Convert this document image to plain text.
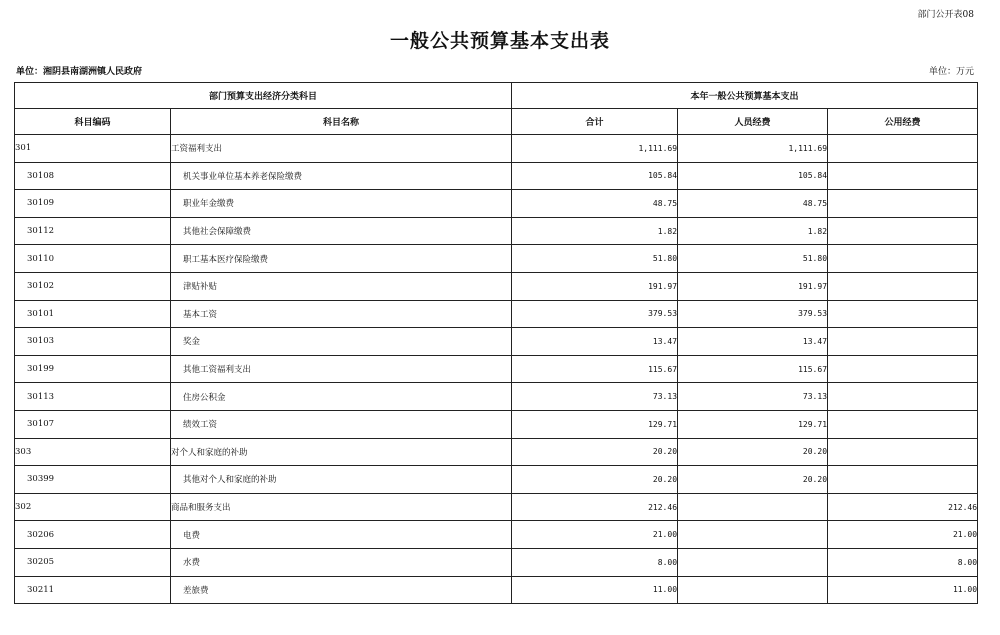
部门公开表08
一般公共预算基本支出表
单位：湘阴县南湖洲镇人民政府	单位：万元
部门预算支出经济分类科目		本年一般公共预算基本支出		
科目编码	科目名称	合计	人员经费	公用经费
301	工资福利支出	1,111.69	1,111.69	
30108	机关事业单位基本养老保险缴费	105.84	105.84	
30109	职业年金缴费	48.75	48.75	
30112	其他社会保障缴费	1.82	1.82	
30110	职工基本医疗保险缴费	51.80	51.80	
30102	津贴补贴	191.97	191.97	
30101	基本工资	379.53	379.53	
30103	奖金	13.47	13.47	
30199	其他工资福利支出	115.67	115.67	
30113	住房公积金	73.13	73.13	
30107	绩效工资	129.71	129.71	
303	对个人和家庭的补助	20.20	20.20	
30399	其他对个人和家庭的补助	20.20	20.20	
302	商品和服务支出	212.46		212.46
30206	电费	21.00		21.00
30205	水费	8.00		8.00
30211	差旅费	11.00		11.00
